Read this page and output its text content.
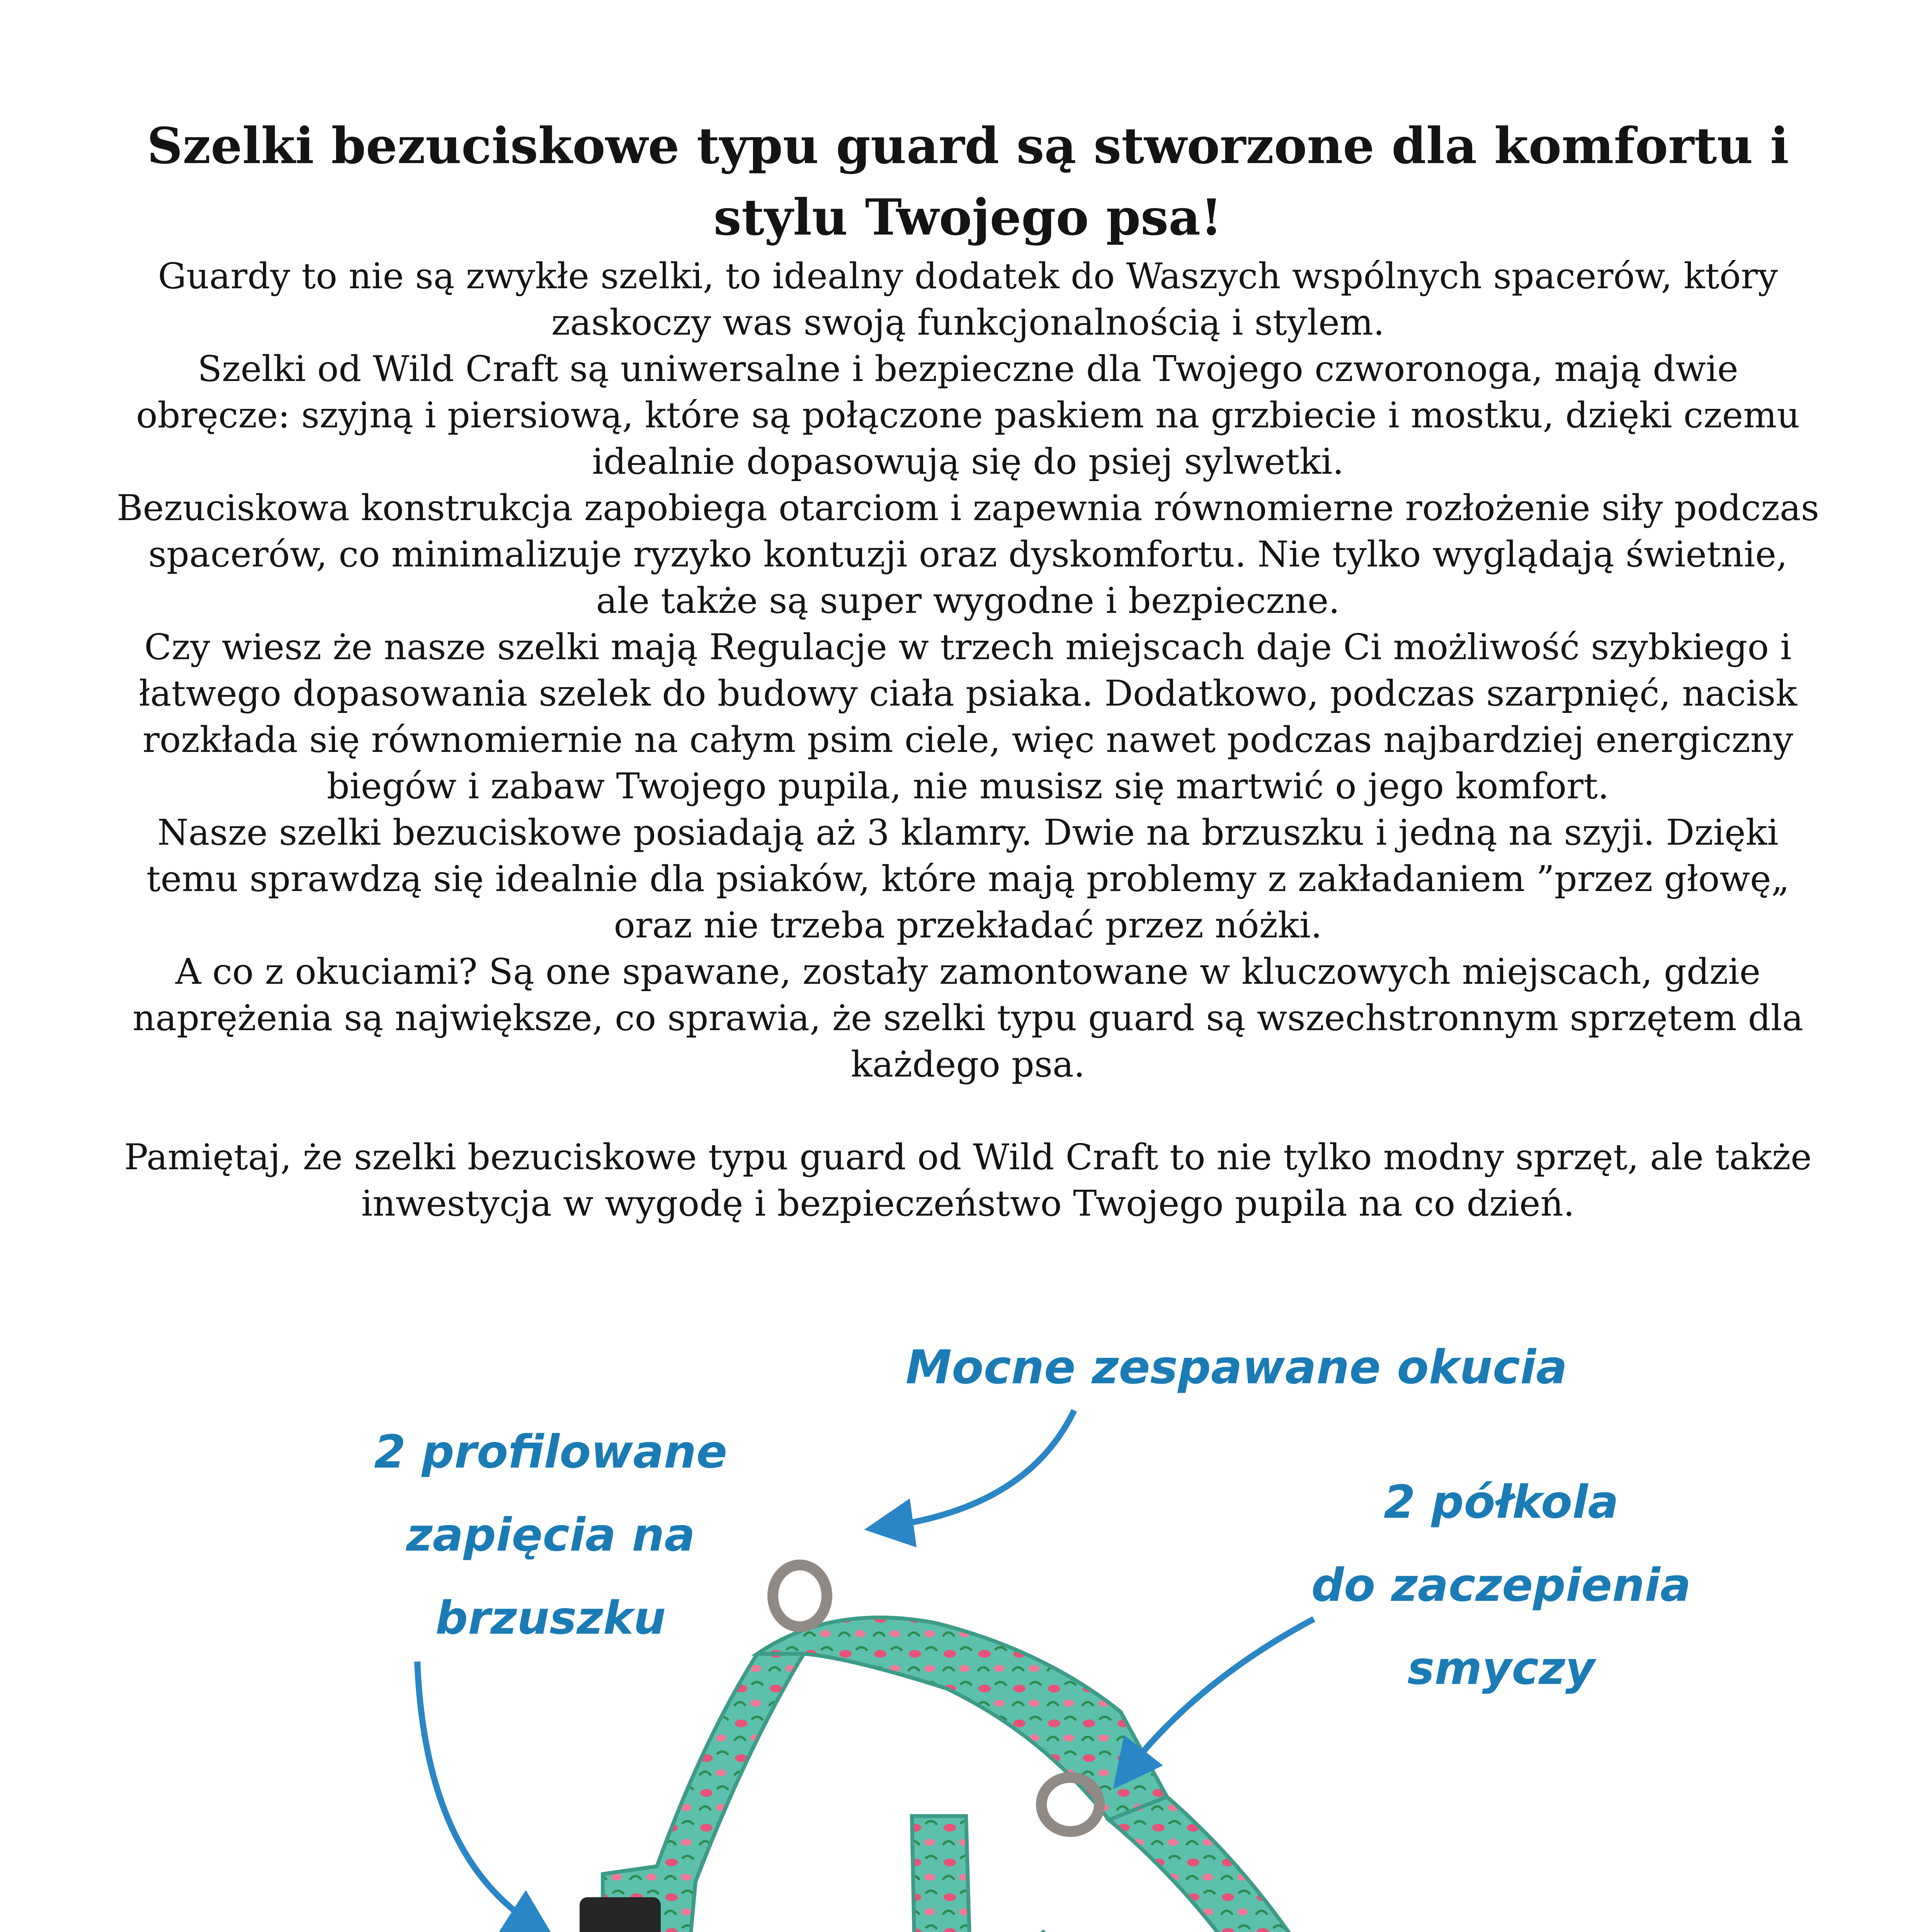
Szelki bezuciskowe typu guard są stworzone dla komfortu i stylu Twojego psa!

Guardy to nie są zwykłe szelki, to idealny dodatek do Waszych wspólnych spacerów, który zaskoczy was swoją funkcjonalnością i stylem.

Szelki od Wild Craft są uniwersalne i bezpieczne dla Twojego czworonoga, mają dwie obręcze: szyjną i piersiową, które są połączone paskiem na grzbiecie i mostku, dzięki czemu idealnie dopasowują się do psiej sylwetki.

Bezuciskowa konstrukcja zapobiega otarciom i zapewnia równomierne rozłożenie siły podczas spacerów, co minimalizuje ryzyko kontuzji oraz dyskomfortu. Nie tylko wyglądają świetnie, ale także są super wygodne i bezpieczne.

Czy wiesz że nasze szelki mają Regulacje w trzech miejscach daje Ci możliwość szybkiego i łatwego dopasowania szelek do budowy ciała psiaka. Dodatkowo, podczas szarpnięć, nacisk rozkłada się równomiernie na całym psim ciele, więc nawet podczas najbardziej energiczny biegów i zabaw Twojego pupila, nie musisz się martwić o jego komfort.

Nasze szelki bezuciskowe posiadają aż 3 klamry. Dwie na brzuszku i jedną na szyji. Dzięki temu sprawdzą się idealnie dla psiaków, które mają problemy z zakładaniem ”przez głowę„ oraz nie trzeba przekładać przez nóżki.

A co z okuciami? Są one spawane, zostały zamontowane w kluczowych miejscach, gdzie naprężenia są największe, co sprawia, że szelki typu guard są wszechstronnym sprzętem dla każdego psa.

Pamiętaj, że szelki bezuciskowe typu guard od Wild Craft to nie tylko modny sprzęt, ale także inwestycja w wygodę i bezpieczeństwo Twojego pupila na co dzień.

Mocne zespawane okucia
2 profilowane
zapięcia na
brzuszku
2 półkola
do zaczepienia
smyczy
